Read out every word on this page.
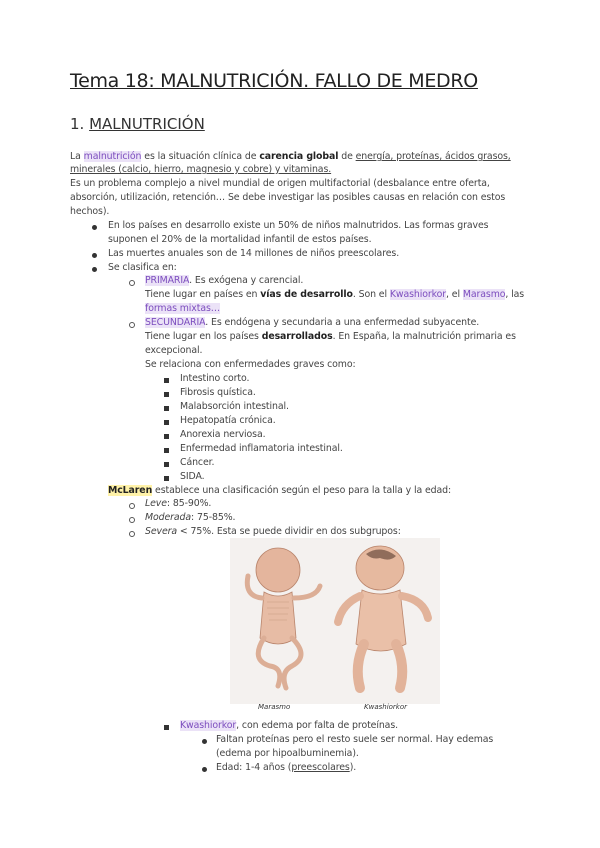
Tema 18: MALNUTRICIÓN. FALLO DE MEDRO
1. MALNUTRICIÓN
La malnutrición es la situación clínica de carencia global de energía, proteínas, ácidos grasos,
minerales (calcio, hierro, magnesio y cobre) y vitaminas.
Es un problema complejo a nivel mundial de origen multifactorial (desbalance entre oferta,
absorción, utilización, retención… Se debe investigar las posibles causas en relación con estos
hechos).
En los países en desarrollo existe un 50% de niños malnutridos. Las formas graves
suponen el 20% de la mortalidad infantil de estos países.
Las muertes anuales son de 14 millones de niños preescolares.
Se clasifica en:
PRIMARIA. Es exógena y carencial.
Tiene lugar en países en vías de desarrollo. Son el Kwashiorkor, el Marasmo, las
formas mixtas…
SECUNDARIA. Es endógena y secundaria a una enfermedad subyacente.
Tiene lugar en los países desarrollados. En España, la malnutrición primaria es
excepcional.
Se relaciona con enfermedades graves como:
Intestino corto.
Fibrosis quística.
Malabsorción intestinal.
Hepatopatía crónica.
Anorexia nerviosa.
Enfermedad inflamatoria intestinal.
Cáncer.
SIDA.
McLaren establece una clasificación según el peso para la talla y la edad:
Leve: 85-90%.
Moderada: 75-85%.
Severa < 75%. Esta se puede dividir en dos subgrupos:
Marasmo	Kwashiorkor
Kwashiorkor, con edema por falta de proteínas.
Faltan proteínas pero el resto suele ser normal. Hay edemas
(edema por hipoalbuminemia).
Edad: 1-4 años (preescolares).
